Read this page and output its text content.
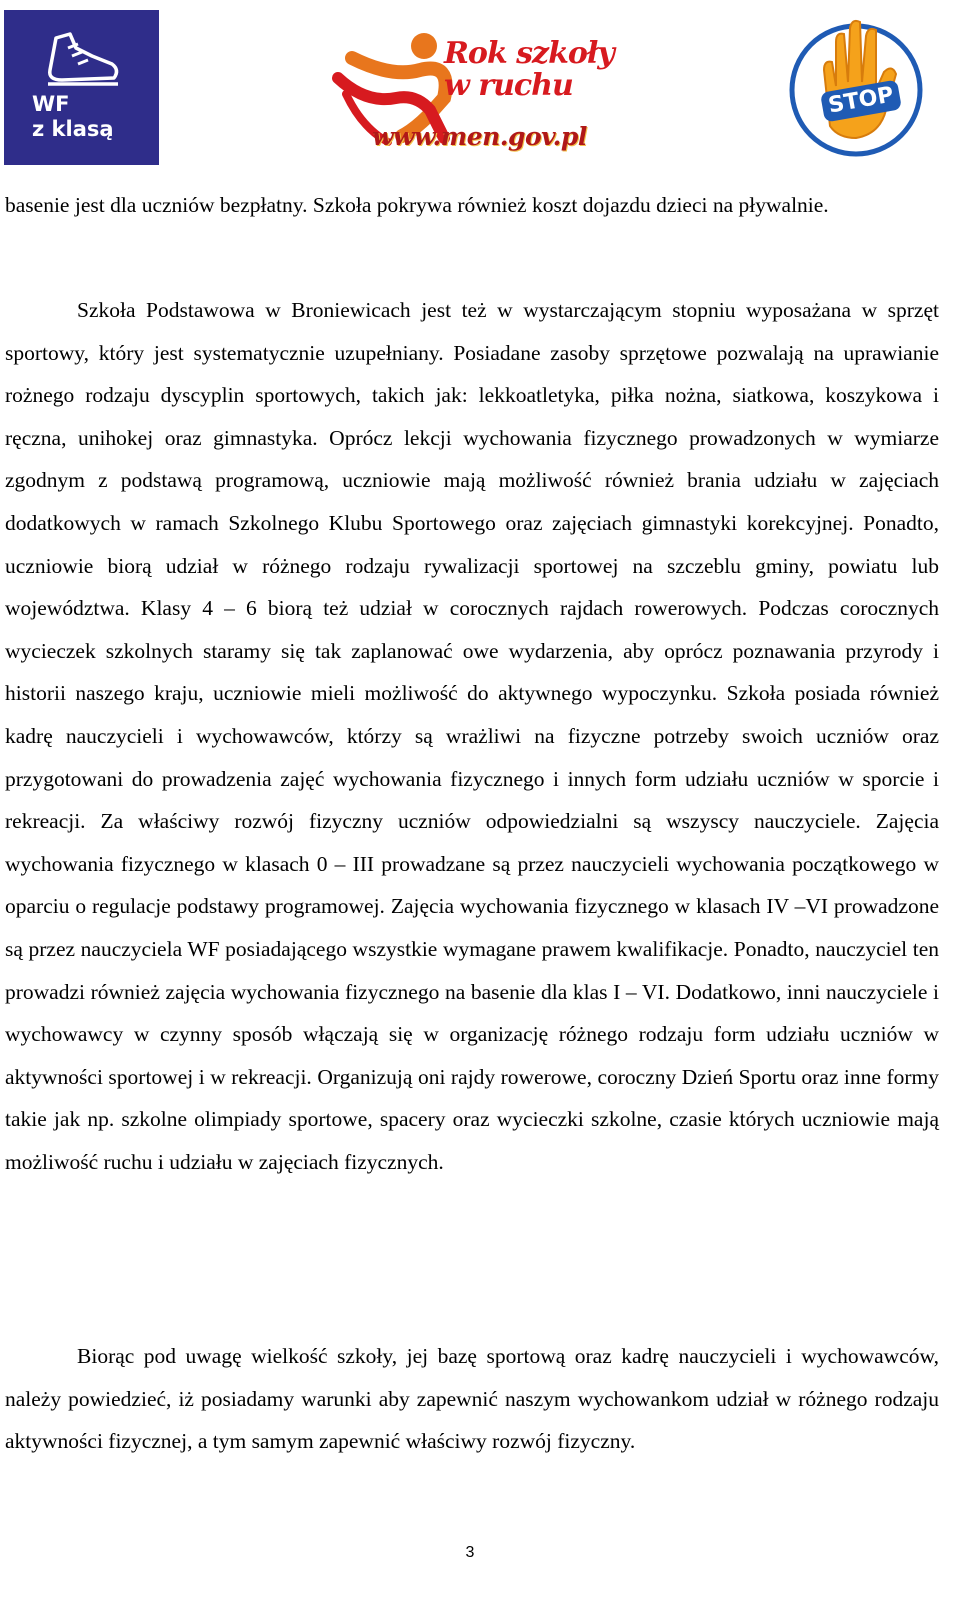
WF
z klasą
Rok szkoły w ruchu
www.men.gov.pl
STOP

basenie jest dla uczniów bezpłatny. Szkoła pokrywa również koszt dojazdu dzieci na pływalnie.

Szkoła Podstawowa w Broniewicach jest też w wystarczającym stopniu wyposażana w sprzęt sportowy, który jest systematycznie uzupełniany. Posiadane zasoby sprzętowe pozwalają na uprawianie rożnego rodzaju dyscyplin sportowych, takich jak: lekkoatletyka, piłka nożna, siatkowa, koszykowa i ręczna, unihokej oraz gimnastyka. Oprócz lekcji wychowania fizycznego prowadzonych w wymiarze zgodnym z podstawą programową, uczniowie mają możliwość również brania udziału w zajęciach dodatkowych w ramach Szkolnego Klubu Sportowego oraz zajęciach gimnastyki korekcyjnej. Ponadto, uczniowie biorą udział w różnego rodzaju rywalizacji sportowej na szczeblu gminy, powiatu lub województwa. Klasy 4 – 6 biorą też udział w corocznych rajdach rowerowych. Podczas corocznych wycieczek szkolnych staramy się tak zaplanować owe wydarzenia, aby oprócz poznawania przyrody i historii naszego kraju, uczniowie mieli możliwość do aktywnego wypoczynku. Szkoła posiada również kadrę nauczycieli i wychowawców, którzy są wrażliwi na fizyczne potrzeby swoich uczniów oraz przygotowani do prowadzenia zajęć wychowania fizycznego i innych form udziału uczniów w sporcie i rekreacji. Za właściwy rozwój fizyczny uczniów odpowiedzialni są wszyscy nauczyciele. Zajęcia wychowania fizycznego w klasach 0 – III prowadzane są przez nauczycieli wychowania początkowego w oparciu o regulacje podstawy programowej. Zajęcia wychowania fizycznego w klasach IV –VI prowadzone są przez nauczyciela WF posiadającego wszystkie wymagane prawem kwalifikacje. Ponadto, nauczyciel ten prowadzi również zajęcia wychowania fizycznego na basenie dla klas I – VI. Dodatkowo, inni nauczyciele i wychowawcy w czynny sposób włączają się w organizację różnego rodzaju form udziału uczniów w aktywności sportowej i w rekreacji. Organizują oni rajdy rowerowe, coroczny Dzień Sportu oraz inne formy takie jak np. szkolne olimpiady sportowe, spacery oraz wycieczki szkolne, czasie których uczniowie mają możliwość ruchu i udziału w zajęciach fizycznych.

Biorąc pod uwagę wielkość szkoły, jej bazę sportową oraz kadrę nauczycieli i wychowawców, należy powiedzieć, iż posiadamy warunki aby zapewnić naszym wychowankom udział w różnego rodzaju aktywności fizycznej, a tym samym zapewnić właściwy rozwój fizyczny.

3
